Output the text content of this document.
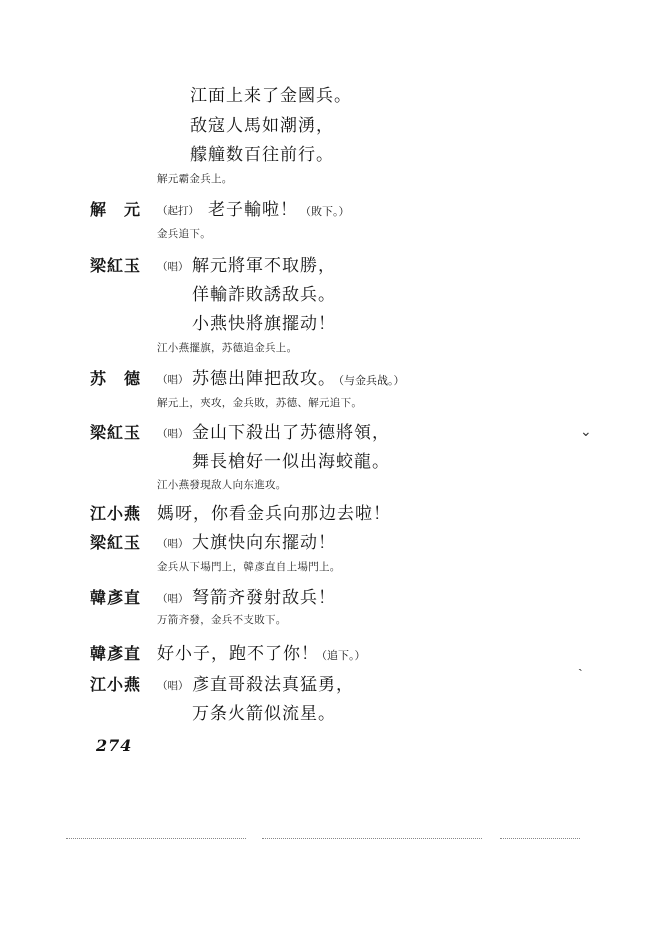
江面上来了金國兵。
敌寇人馬如潮湧，
艨艟数百往前行。
解元霸金兵上。
解　元 （起打） 老子輸啦！ （敗下。）
金兵追下。
梁紅玉 （唱） 解元將軍不取勝，
佯輸詐敗誘敌兵。
小燕快將旗擺动！
江小燕擺旗，苏德追金兵上。
苏　德 （唱） 苏德出陣把敌攻。
（与金兵战。）
解元上，夾攻，金兵敗，苏德、解元追下。
梁紅玉 （唱） 金山下殺出了苏德將領，
舞長槍好一似出海蛟龍。
江小燕發現敌人向东進攻。
江小燕 媽呀，你看金兵向那边去啦！
梁紅玉 （唱） 大旗快向东擺动！
金兵从下場門上，韓彥直自上場門上。
韓彥直 （唱） 弩箭齐發射敌兵！
万箭齐發，金兵不支敗下。
韓彥直 好小子，跑不了你！
（追下。）
江小燕 （唱） 彥直哥殺法真猛勇，
万条火箭似流星。
274
⌄
ˎ
